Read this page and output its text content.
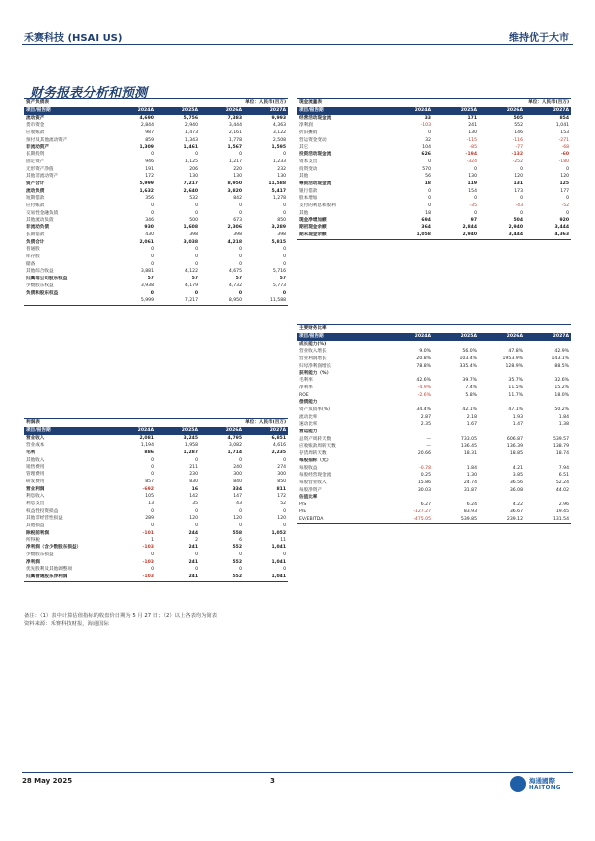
禾赛科技 (HSAI US)	维持优于大市
财务报表分析和预测
资产负债表			单位：人民币(百万)	
项目/报告期	2024A	2025A	2026A	2027A
流动资产	4,690	5,756	7,383	9,993
货币资金	2,844	2,940	3,444	4,363
应收账款	987	1,473	2,161	3,122
预付及其他流动资产	859	1,343	1,778	2,508
非流动资产	1,309	1,461	1,567	1,595
长期投资	0	0	0	0
固定资产	946	1,125	1,217	1,233
无形资产净值	191	206	220	232
其他非流动资产	172	130	130	130
资产合计	5,999	7,217	8,950	11,588
流动负债	1,632	2,640	3,820	5,417
短期借款	356	532	842	1,278
应付账款	0	0	0	0
交易性金融负债	0	0	0	0
其他流动负债	346	500	673	850
非流动负债	930	1,608	2,306	3,289
长期借款	430	398	398	398
负债合计	2,061	3,038	4,218	5,815
普通股	0	0	0	0
库存股	0	0	0	0
储备	0	0	0	0
其他综合收益	3,881	4,122	4,675	5,716
归属母公司股东权益	57	57	57	57
少数股东权益	3,938	4,179	4,732	5,773
负债和股东权益	0	0	0	0
	5,999	7,217	8,950	11,588
现金流量表			单位：人民币(百万)	
项目/报告期	2024A	2025A	2026A	2027A
经营活动现金流	33	171	505	854
净利润	-103	241	552	1,041
折旧摊销	0	130	146	153
营运资金变动	32	-115	-116	-271
其它	104	-85	-77	-68
投资活动现金流	626	-194	-132	-60
资本支出	0	-324	-252	-180
投资变动	570	0	0	0
其他	56	130	120	120
筹资活动现金流	18	119	131	125
银行借款	0	154	173	177
股本增加	0	0	0	0
支付的利息和股利	0	-35	-43	-52
其他	18	0	0	0
现金净增加额	694	97	504	920
期初现金余额	364	2,844	2,940	3,444
期末现金余额	1,058	2,940	3,444	4,363
利润表			单位：人民币(百万)	
项目/报告期	2024A	2025A	2026A	2027A
营业收入	2,081	3,245	4,795	6,851
营业成本	1,194	1,958	3,082	4,616
毛利	886	1,287	1,714	2,235
其他收入	0	0	0	0
销售费用	0	211	240	274
管理费用	0	230	300	300
研发费用	857	830	840	850
营业利润	-692	16	334	811
利息收入	105	142	147	172
利息支出	13	35	43	52
权益性投资损益	0	0	0	0
其他非经营性损益	289	120	120	120
其他损益	0	0	0	0
除税前利润	-101	244	558	1,052
所得税	1	2	6	11
净利润（含少数股东损益）	-103	241	552	1,041
少数股东损益	0	0	0	0
净利润	-103	241	552	1,041
优先股利及其他调整项	0	0	0	0
归属普通股东净利润	-103	241	552	1,041
主要财务比率				
项目/报告期	2024A	2025A	2026A	2027A
成长能力(%)				
营业收入增长	9.0%	56.0%	47.8%	42.9%
营业利润增长	20.8%	103.4%	1953.9%	143.1%
归母净利润增长	78.8%	335.4%	128.9%	88.5%
获利能力（%）				
毛利率	42.6%	39.7%	35.7%	32.6%
净利率	-4.9%	7.4%	11.5%	15.2%
ROE	-2.6%	5.8%	11.7%	18.0%
偿债能力				
资产负债率(%)	34.4%	42.1%	47.1%	50.2%
流动比率	2.87	2.18	1.93	1.84
速动比率	2.35	1.67	1.47	1.38
营运能力				
总资产周转天数	—	733.05	606.87	539.57
应收账款周转天数	—	136.45	136.39	138.79
存货周转天数	20.66	18.31	18.85	18.74
每股指标（元）				
每股收益	-0.78	1.84	4.21	7.94
每股经营现金流	0.25	1.30	3.85	6.51
每股营业收入	15.86	24.74	36.56	52.24
每股净资产	30.03	31.87	36.08	44.02
估值比率				
P/S	6.27	6.24	4.22	2.96
P/E	-127.27	83.93	36.67	19.45
EV/EBITDA	-475.05	539.85	239.12	131.54
备注：（1）表中计算估值指标的收盘价日期为 5 月 27 日；（2）以上各表均为简表
资料来源：禾赛科技财报，海通国际
28 May 2025	3	海通國際
HAITONG
